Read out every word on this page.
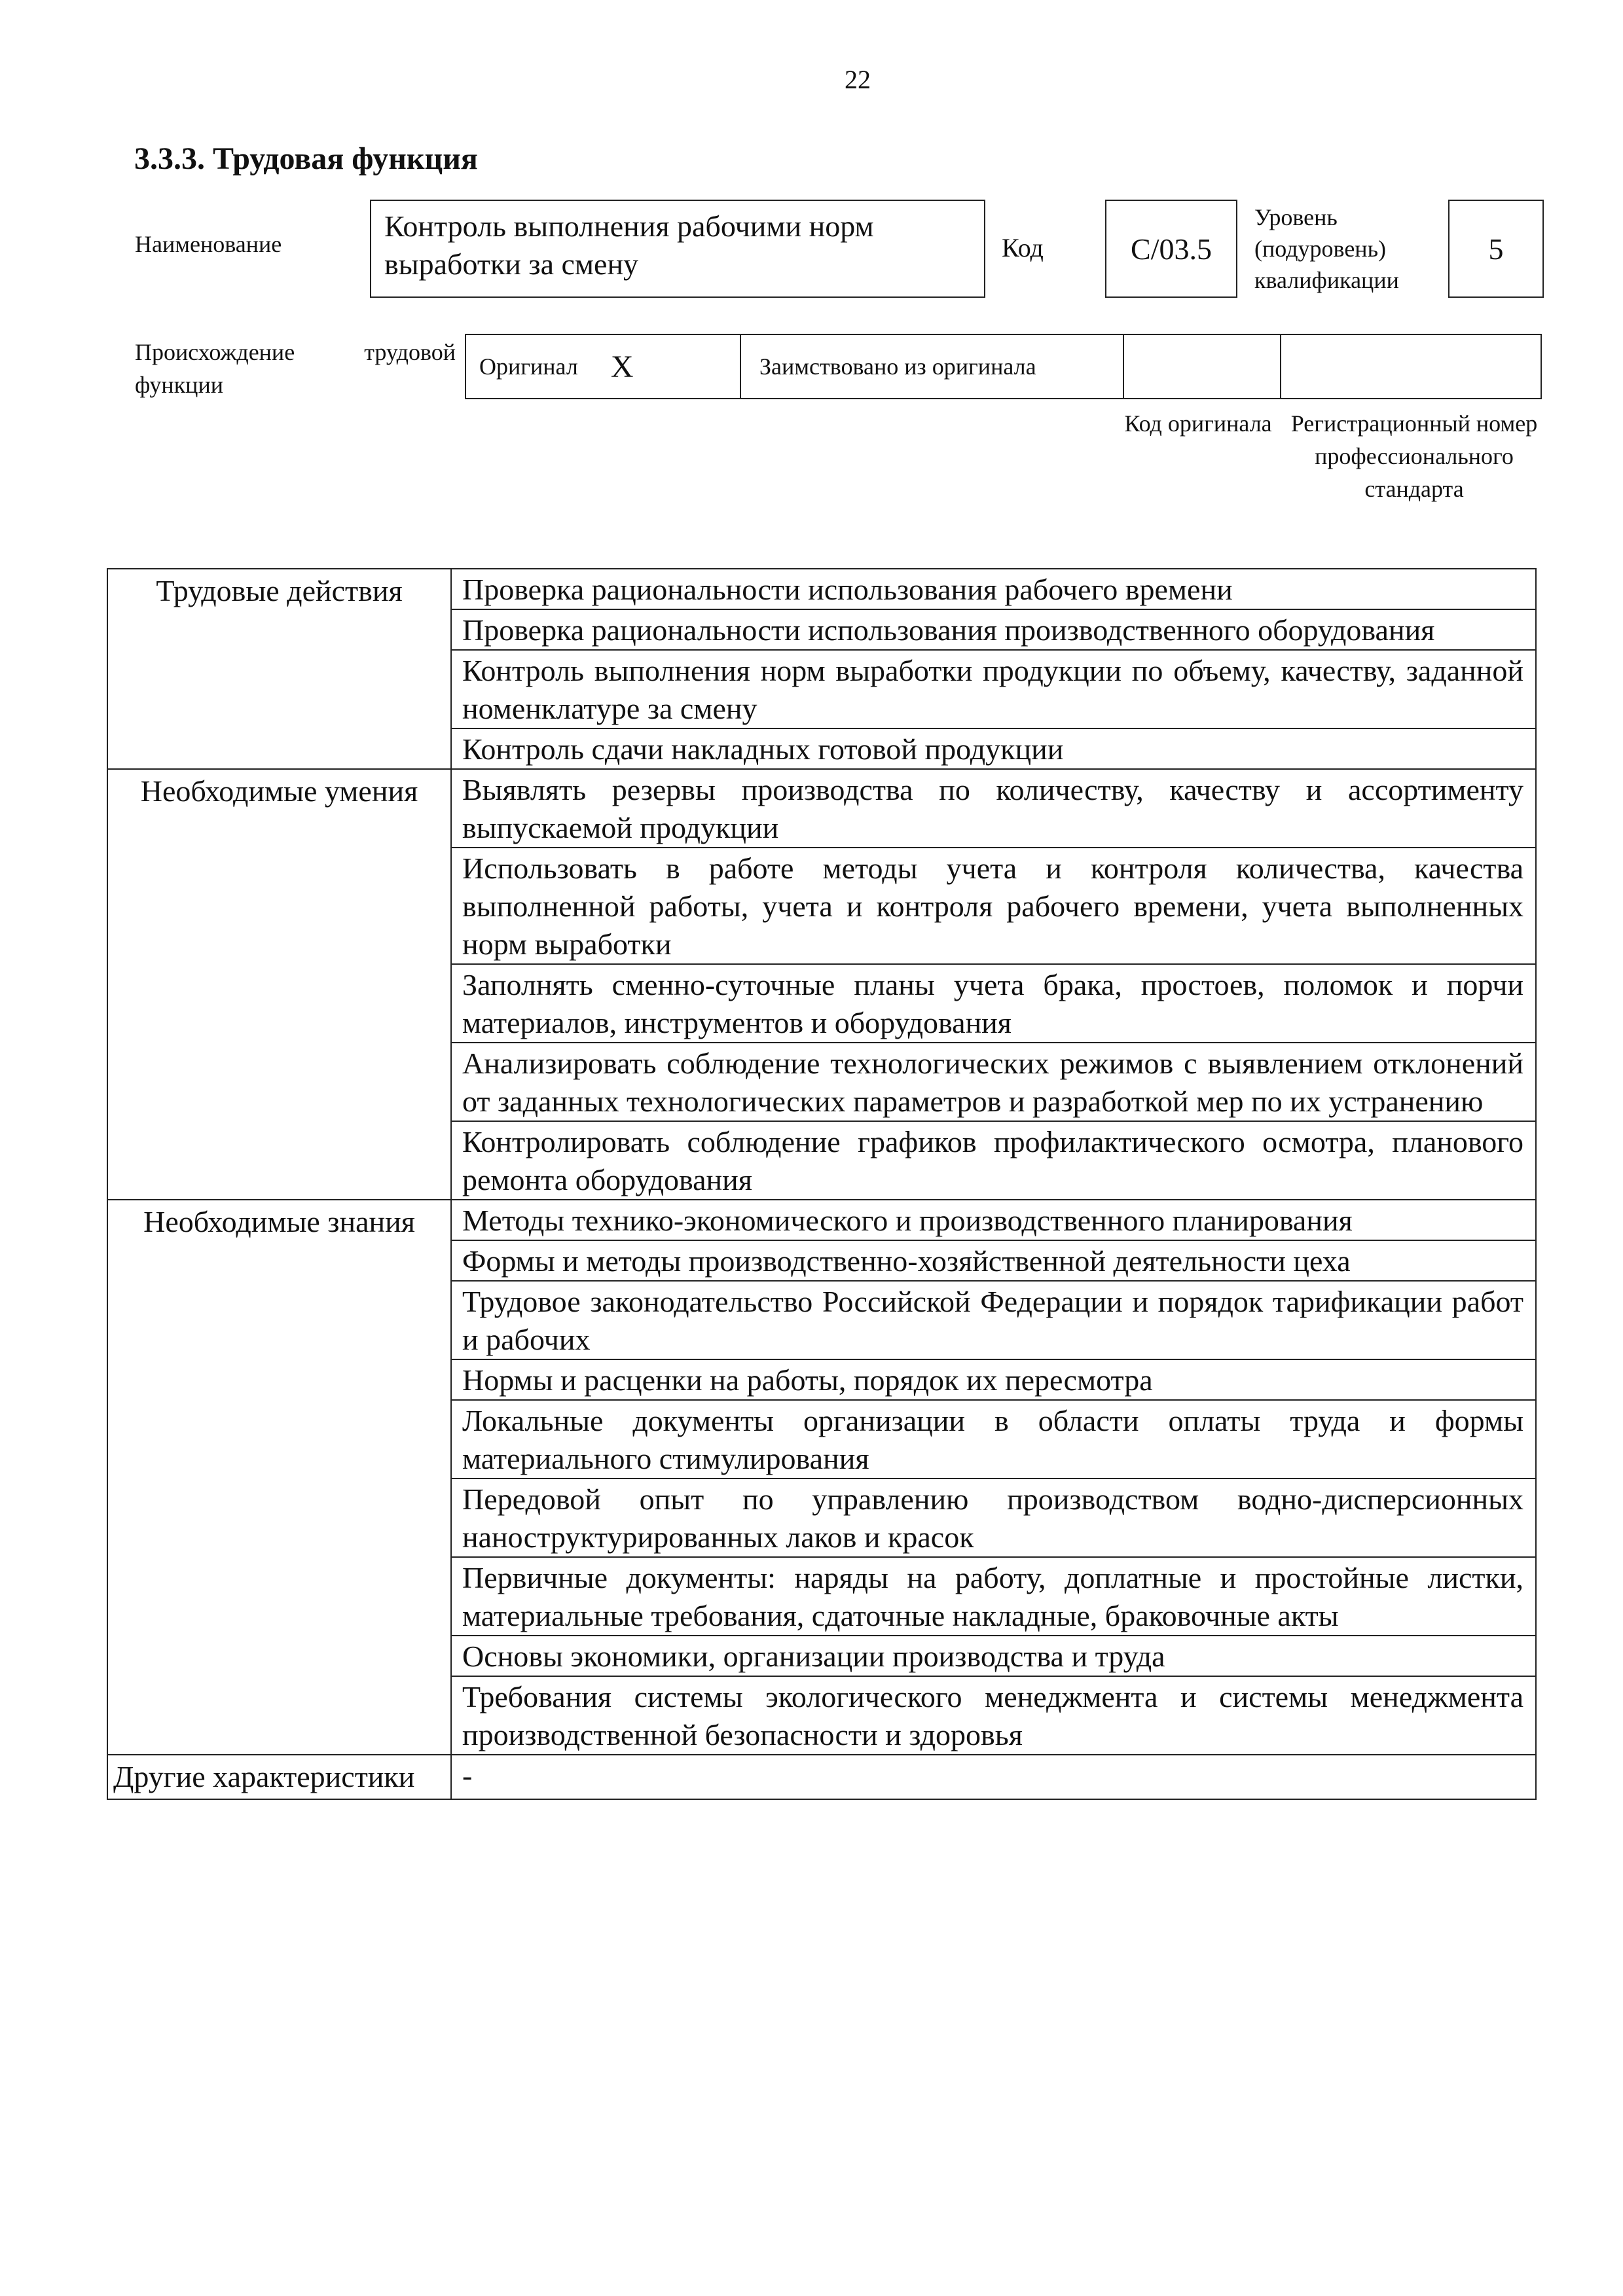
22
3.3.3. Трудовая функция
Наименование
Контроль выполнения рабочими норм выработки за смену	Код	C/03.5
Уровень (подуровень) квалификации
5
Происхождение	трудовой
функции
Оригинал X	Заимствовано из оригинала
Код оригинала Регистрационный номер профессионального стандарта
Трудовые действия	Проверка рациональности использования рабочего времени
	Проверка рациональности использования производственного оборудования
	Контроль выполнения норм выработки продукции по объему, качеству, заданной номенклатуре за смену
	Контроль сдачи накладных готовой продукции
Необходимые умения	Выявлять резервы производства по количеству, качеству и ассортименту выпускаемой продукции
	Использовать в работе методы учета и контроля количества, качества выполненной работы, учета и контроля рабочего времени, учета выполненных норм выработки
	Заполнять сменно-суточные планы учета брака, простоев, поломок и порчи материалов, инструментов и оборудования
	Анализировать соблюдение технологических режимов с выявлением отклонений от заданных технологических параметров и разработкой мер по их устранению
	Контролировать соблюдение графиков профилактического осмотра, планового ремонта оборудования
Необходимые знания	Методы технико-экономического и производственного планирования
	Формы и методы производственно-хозяйственной деятельности цеха
	Трудовое законодательство Российской Федерации и порядок тарификации работ и рабочих
	Нормы и расценки на работы, порядок их пересмотра
	Локальные документы организации в области оплаты труда и формы материального стимулирования
	Передовой опыт по управлению производством водно-дисперсионных наноструктурированных лаков и красок
	Первичные документы: наряды на работу, доплатные и простойные листки, материальные требования, сдаточные накладные, браковочные акты
	Основы экономики, организации производства и труда
	Требования системы экологического менеджмента и системы менеджмента производственной безопасности и здоровья
Другие характеристики	-
